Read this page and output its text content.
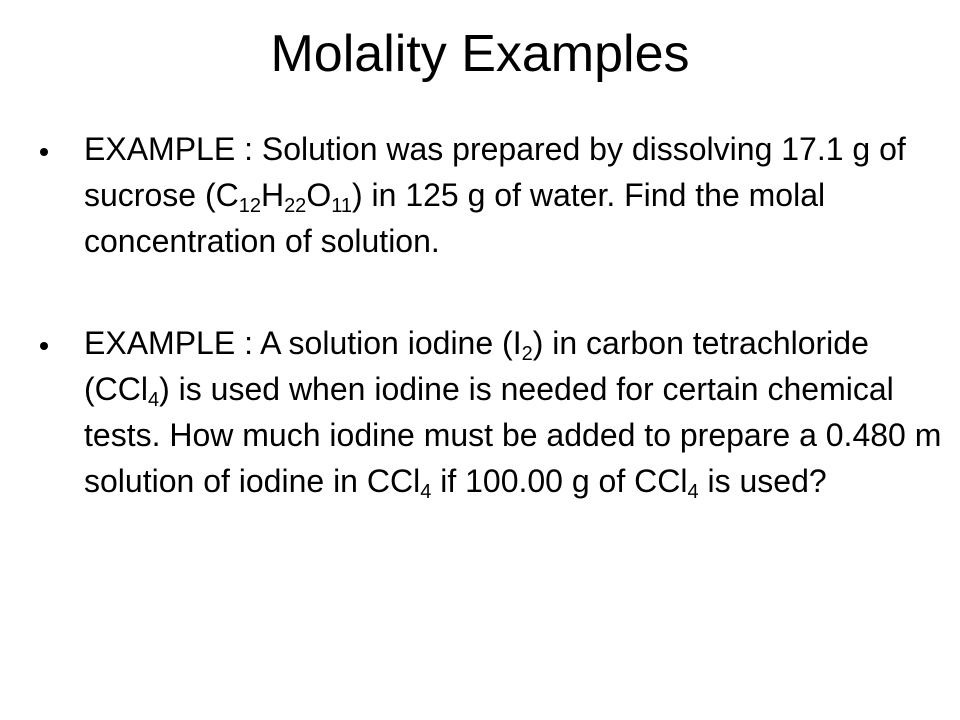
Molality Examples
EXAMPLE : Solution was prepared by dissolving 17.1 g of sucrose $(C_{12}H_{22}O_{11})$ in 125 g of water. Find the molal concentration of solution.
EXAMPLE : A solution iodine $(I_2)$ in carbon tetrachloride (CCl$_4$) is used when iodine is needed for certain chemical tests. How much iodine must be added to prepare a 0.480 m solution of iodine in CCl$_4$ if 100.00 g of CCl$_4$ is used?
